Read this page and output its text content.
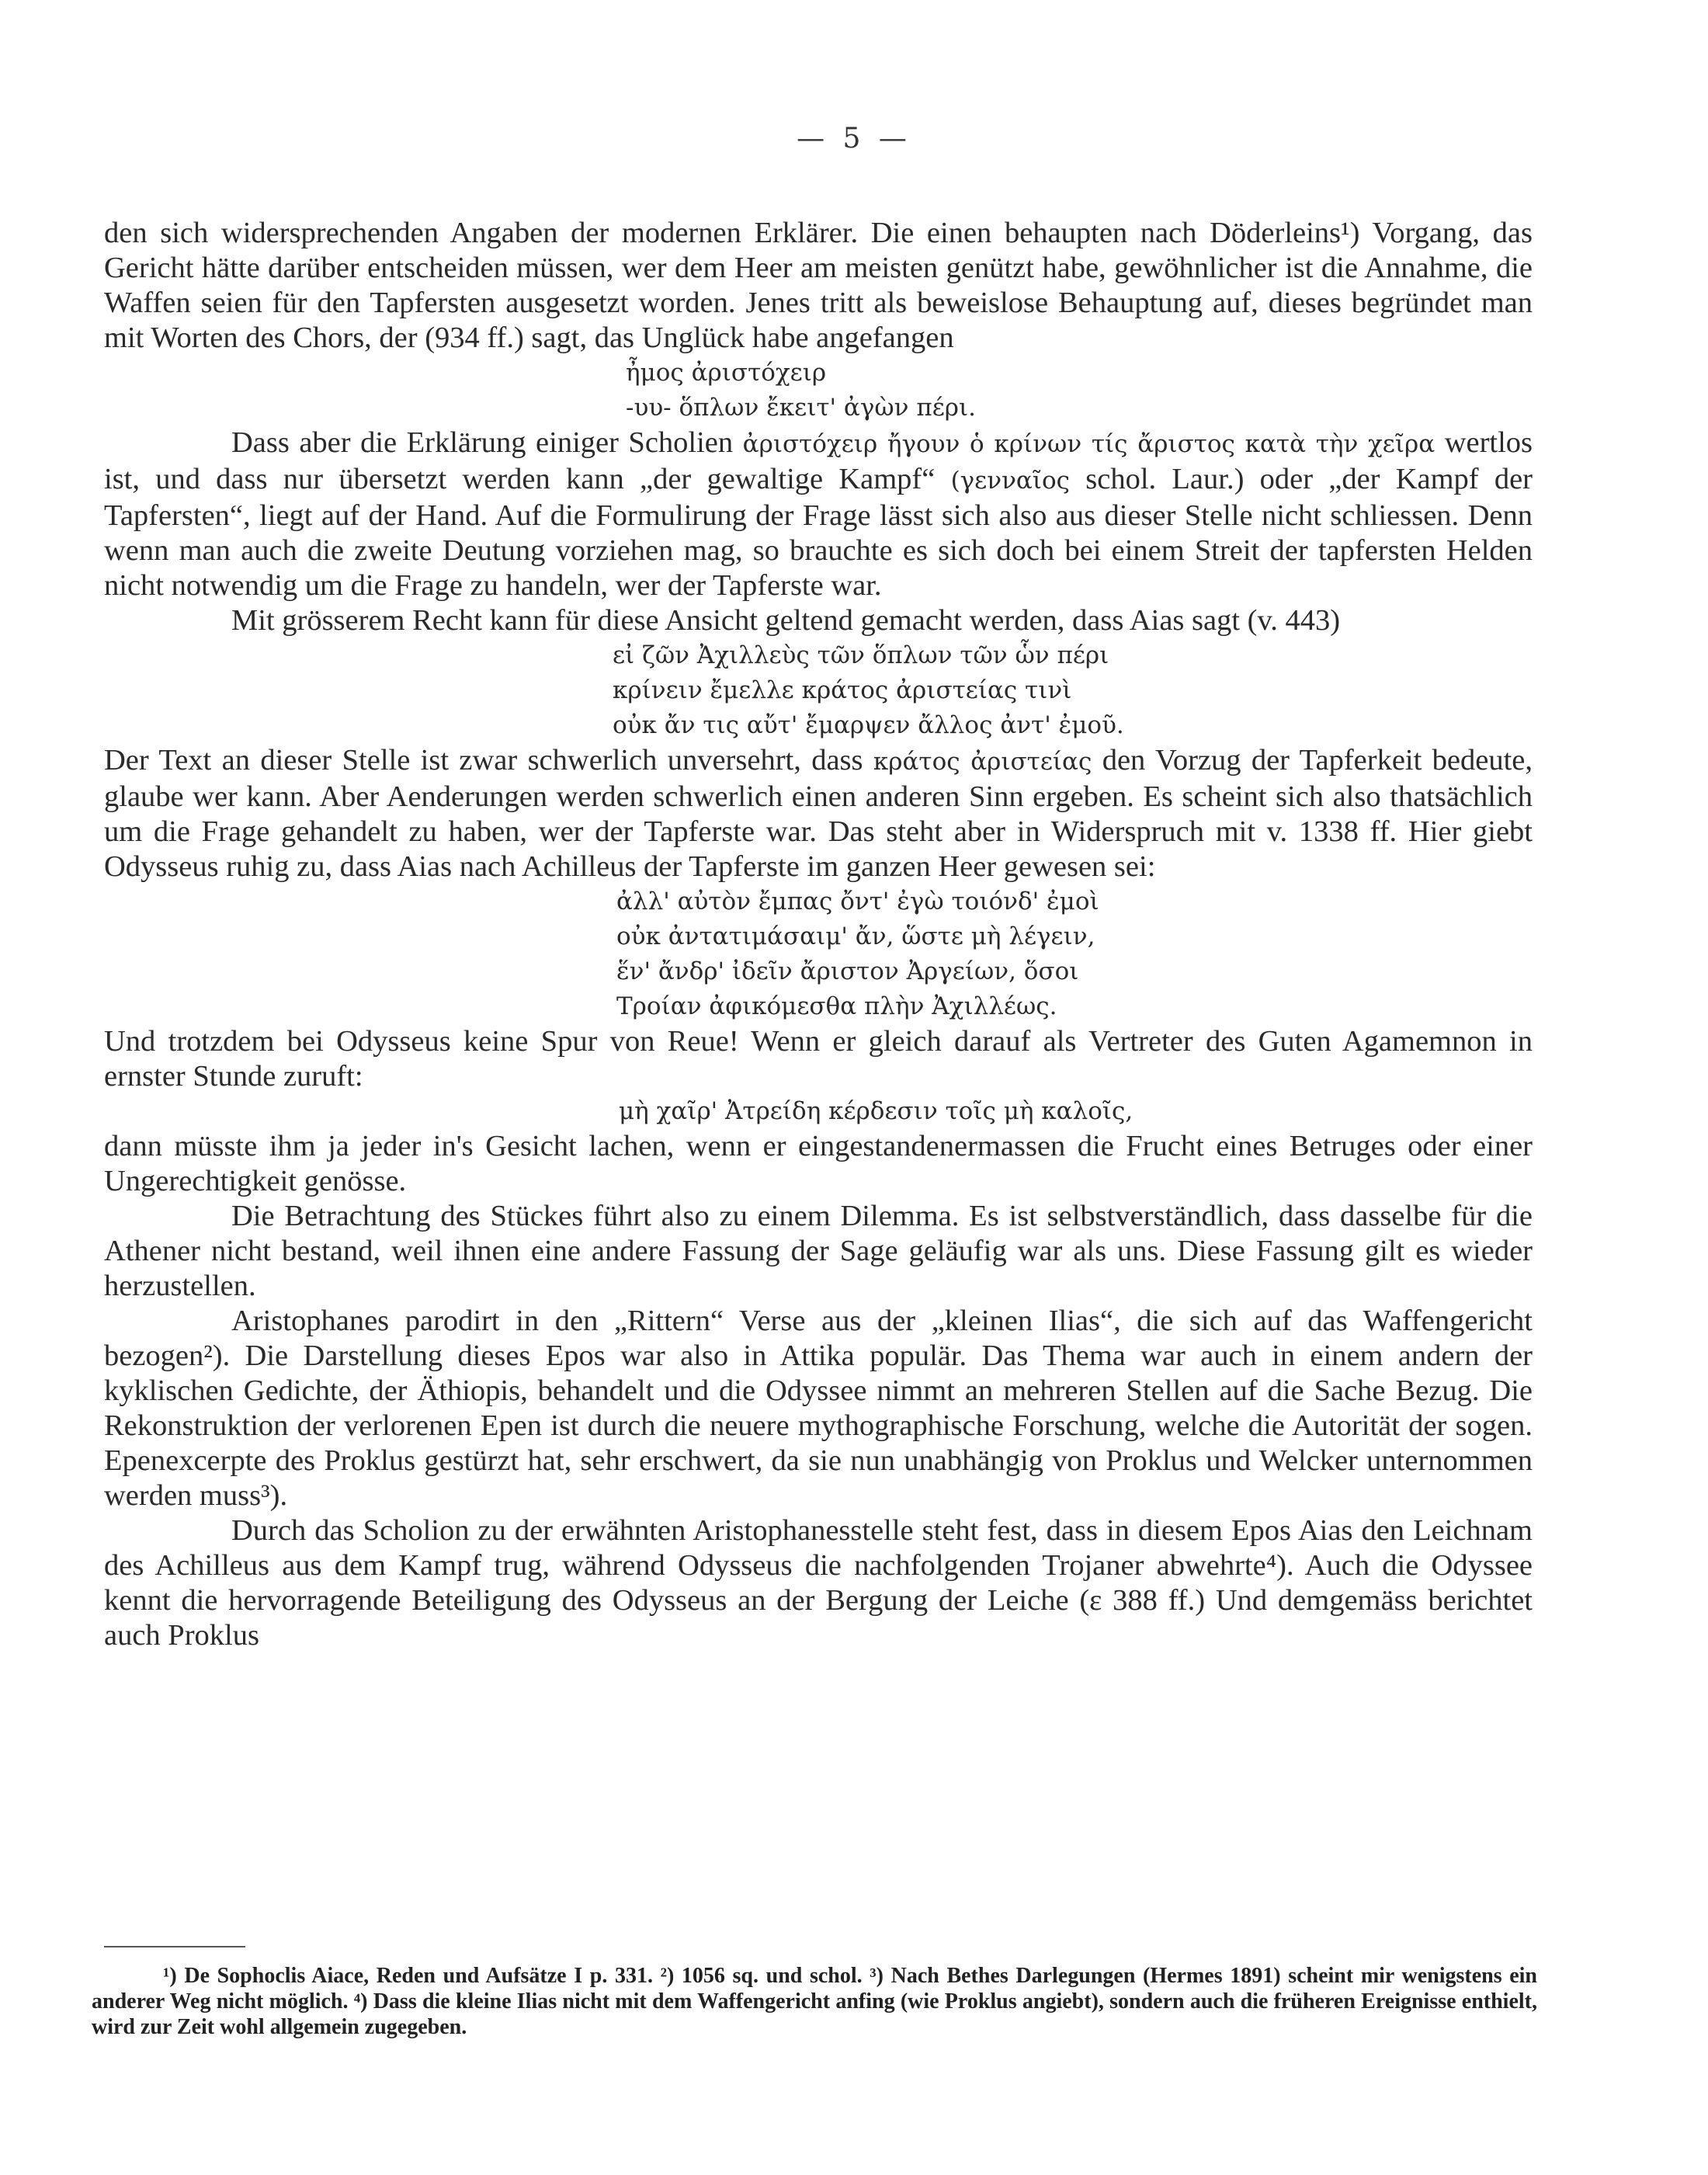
— 5 —

den sich widersprechenden Angaben der modernen Erklärer. Die einen behaupten nach Döderleins¹) Vorgang, das Gericht hätte darüber entscheiden müssen, wer dem Heer am meisten genützt habe, gewöhnlicher ist die Annahme, die Waffen seien für den Tapfersten ausgesetzt worden. Jenes tritt als beweislose Behauptung auf, dieses begründet man mit Worten des Chors, der (934 ff.) sagt, das Unglück habe angefangen

ἦμος ἀριστόχειρ
-υυ- ὅπλων ἔκειτ' ἀγὼν πέρι.

Dass aber die Erklärung einiger Scholien ἀριστόχειρ ἤγουν ὁ κρίνων τίς ἄριστος κατὰ τὴν χεῖρα wertlos ist, und dass nur übersetzt werden kann „der gewaltige Kampf“ (γενναῖος schol. Laur.) oder „der Kampf der Tapfersten“, liegt auf der Hand. Auf die Formulirung der Frage lässt sich also aus dieser Stelle nicht schliessen. Denn wenn man auch die zweite Deutung vorziehen mag, so brauchte es sich doch bei einem Streit der tapfersten Helden nicht notwendig um die Frage zu handeln, wer der Tapferste war.

Mit grösserem Recht kann für diese Ansicht geltend gemacht werden, dass Aias sagt (v. 443)

εἰ ζῶν Ἀχιλλεὺς τῶν ὅπλων τῶν ὧν πέρι
κρίνειν ἔμελλε κράτος ἀριστείας τινὶ
οὐκ ἄν τις αὔτ' ἔμαρψεν ἄλλος ἀντ' ἐμοῦ.

Der Text an dieser Stelle ist zwar schwerlich unversehrt, dass κράτος ἀριστείας den Vorzug der Tapferkeit bedeute, glaube wer kann. Aber Aenderungen werden schwerlich einen anderen Sinn ergeben. Es scheint sich also thatsächlich um die Frage gehandelt zu haben, wer der Tapferste war. Das steht aber in Widerspruch mit v. 1338 ff. Hier giebt Odysseus ruhig zu, dass Aias nach Achilleus der Tapferste im ganzen Heer gewesen sei:

ἀλλ' αὐτὸν ἔμπας ὄντ' ἐγὼ τοιόνδ' ἐμοὶ
οὐκ ἀντατιμάσαιμ' ἄν, ὥστε μὴ λέγειν,
ἕν' ἄνδρ' ἰδεῖν ἄριστον Ἀργείων, ὅσοι
Τροίαν ἀφικόμεσθα πλὴν Ἀχιλλέως.

Und trotzdem bei Odysseus keine Spur von Reue! Wenn er gleich darauf als Vertreter des Guten Agamemnon in ernster Stunde zuruft:

μὴ χαῖρ' Ἀτρείδη κέρδεσιν τοῖς μὴ καλοῖς,

dann müsste ihm ja jeder in's Gesicht lachen, wenn er eingestandenermassen die Frucht eines Betruges oder einer Ungerechtigkeit genösse.

Die Betrachtung des Stückes führt also zu einem Dilemma. Es ist selbstverständlich, dass dasselbe für die Athener nicht bestand, weil ihnen eine andere Fassung der Sage geläufig war als uns. Diese Fassung gilt es wieder herzustellen.

Aristophanes parodirt in den „Rittern“ Verse aus der „kleinen Ilias“, die sich auf das Waffengericht bezogen²). Die Darstellung dieses Epos war also in Attika populär. Das Thema war auch in einem andern der kyklischen Gedichte, der Äthiopis, behandelt und die Odyssee nimmt an mehreren Stellen auf die Sache Bezug. Die Rekonstruktion der verlorenen Epen ist durch die neuere mythographische Forschung, welche die Autorität der sogen. Epenexcerpte des Proklus gestürzt hat, sehr erschwert, da sie nun unabhängig von Proklus und Welcker unternommen werden muss³).

Durch das Scholion zu der erwähnten Aristophanesstelle steht fest, dass in diesem Epos Aias den Leichnam des Achilleus aus dem Kampf trug, während Odysseus die nachfolgenden Trojaner abwehrte⁴). Auch die Odyssee kennt die hervorragende Beteiligung des Odysseus an der Bergung der Leiche (ε 388 ff.) Und demgemäss berichtet auch Proklus

¹) De Sophoclis Aiace, Reden und Aufsätze I p. 331. ²) 1056 sq. und schol. ³) Nach Bethes Darlegungen (Hermes 1891) scheint mir wenigstens ein anderer Weg nicht möglich. ⁴) Dass die kleine Ilias nicht mit dem Waffengericht anfing (wie Proklus angiebt), sondern auch die früheren Ereignisse enthielt, wird zur Zeit wohl allgemein zugegeben.
